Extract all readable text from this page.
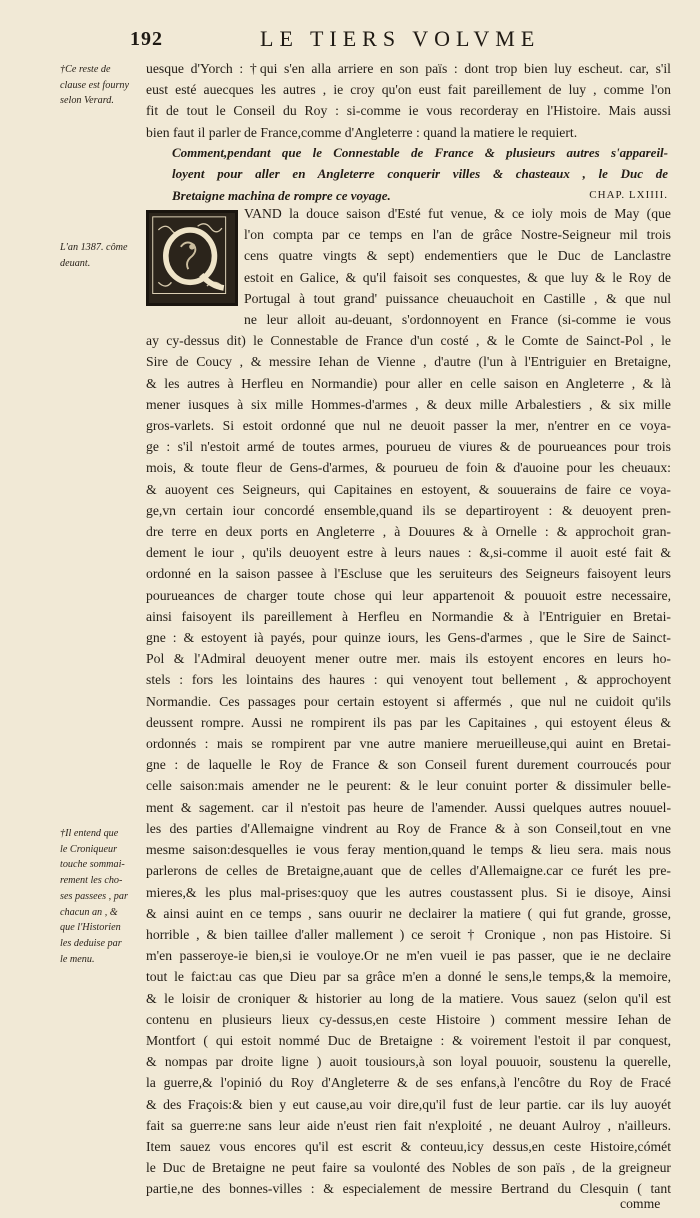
192	LE TIERS VOLVME
†Ce reste de
clause est fourny
selon Verard.
L'an 1387. côme
deuant.
†Il entend que
le Croniqueur
touche sommai-
rement les cho-
ses passees , par
chacun an , &
que l'Historien
les deduise par
le menu.
uesque d'Yorch : †qui s'en alla arriere en son païs : dont trop bien luy escheut. car, s'il
eust esté auecques les autres , ie croy qu'on eust fait pareillement de luy , comme l'on
fit de tout le Conseil du Roy : si-comme ie vous recorderay en l'Histoire. Mais aussi
bien faut il parler de France,comme d'Angleterre : quand la matiere le requiert.
Comment,pendant que le Connestable de France & plusieurs autres s'appareil-
loyent pour aller en Angleterre conquerir villes & chasteaux , le Duc de
Bretaigne machina de rompre ce voyage.	CHAP. LXIIII.
VAND la douce saison d'Esté fut venue, & ce ioly mois de May (que
l'on compta par ce temps en l'an de grâce Nostre-Seigneur mil trois
cens quatre vingts & sept) endementiers que le Duc de Lanclastre
estoit en Galice, & qu'il faisoit ses conquestes, & que luy & le Roy de
Portugal à tout grand' puissance cheuauchoit en Castille , & que nul
ne leur alloit au-deuant, s'ordonnoyent en France (si-comme ie vous
ay cy-dessus dit) le Connestable de France d'un costé , & le Comte de Sainct-Pol , le
Sire de Coucy , & messire Iehan de Vienne , d'autre (l'un à l'Entriguier en Bretaigne,
& les autres à Herfleu en Normandie) pour aller en celle saison en Angleterre , & là
mener iusques à six mille Hommes-d'armes , & deux mille Arbalestiers , & six mille
gros-varlets. Si estoit ordonné que nul ne deuoit passer la mer, n'entrer en ce voya-
ge : s'il n'estoit armé de toutes armes, pourueu de viures & de pourueances pour trois
mois, & toute fleur de Gens-d'armes, & pourueu de foin & d'auoine pour les cheuaux:
& auoyent ces Seigneurs, qui Capitaines en estoyent, & souuerains de faire ce voya-
ge,vn certain iour concordé ensemble,quand ils se departiroyent : & deuoyent pren-
dre terre en deux ports en Angleterre , à Douures & à Ornelle : & approchoit gran-
dement le iour , qu'ils deuoyent estre à leurs naues : &,si-comme il auoit esté fait &
ordonné en la saison passee à l'Escluse que les seruiteurs des Seigneurs faisoyent leurs
pourueances de charger toute chose qui leur appartenoit & pouuoit estre necessaire,
ainsi faisoyent ils pareillement à Herfleu en Normandie & à l'Entriguier en Bretai-
gne : & estoyent ià payés, pour quinze iours, les Gens-d'armes , que le Sire de Sainct-
Pol & l'Admiral deuoyent mener outre mer. mais ils estoyent encores en leurs ho-
stels : fors les lointains des haures : qui venoyent tout bellement , & approchoyent
Normandie. Ces passages pour certain estoyent si affermés , que nul ne cuidoit qu'ils
deussent rompre. Aussi ne rompirent ils pas par les Capitaines , qui estoyent éleus &
ordonnés : mais se rompirent par vne autre maniere merueilleuse,qui auint en Bretai-
gne : de laquelle le Roy de France & son Conseil furent durement courroucés pour
celle saison:mais amender ne le peurent: & le leur conuint porter & dissimuler belle-
ment & sagement. car il n'estoit pas heure de l'amender. Aussi quelques autres nouuel-
les des parties d'Allemaigne vindrent au Roy de France & à son Conseil,tout en vne
mesme saison:desquelles ie vous feray mention,quand le temps & lieu sera. mais nous
parlerons de celles de Bretaigne,auant que de celles d'Allemaigne.car ce furét les pre-
mieres,& les plus mal-prises:quoy que les autres coustassent plus. Si ie disoye, Ainsi
& ainsi auint en ce temps , sans ouurir ne declairer la matiere ( qui fut grande, grosse,
horrible , & bien taillee d'aller mallement ) ce seroit † Cronique , non pas Histoire. Si
m'en passeroye-ie bien,si ie vouloye.Or ne m'en vueil ie pas passer, que ie ne declaire
tout le faict:au cas que Dieu par sa grâce m'en a donné le sens,le temps,& la memoire,
& le loisir de croniquer & historier au long de la matiere. Vous sauez (selon qu'il est
contenu en plusieurs lieux cy-dessus,en ceste Histoire ) comment messire Iehan de
Montfort ( qui estoit nommé Duc de Bretaigne : & voirement l'estoit il par conquest,
& nompas par droite ligne ) auoit tousiours,à son loyal pouuoir, soustenu la querelle,
la guerre,& l'opinió du Roy d'Angleterre & de ses enfans,à l'encôtre du Roy de Fracé
& des Fraçois:& bien y eut cause,au voir dire,qu'il fust de leur partie. car ils luy auoyét
fait sa guerre:ne sans leur aide n'eust rien fait n'exploité , ne deuant Aulroy , n'ailleurs.
Item sauez vous encores qu'il est escrit & conteuu,icy dessus,en ceste Histoire,cómét
le Duc de Bretaigne ne peut faire sa voulonté des Nobles de son païs , de la greigneur
partie,ne des bonnes-villes : & especialement de messire Bertrand du Clesquin ( tant
comme
